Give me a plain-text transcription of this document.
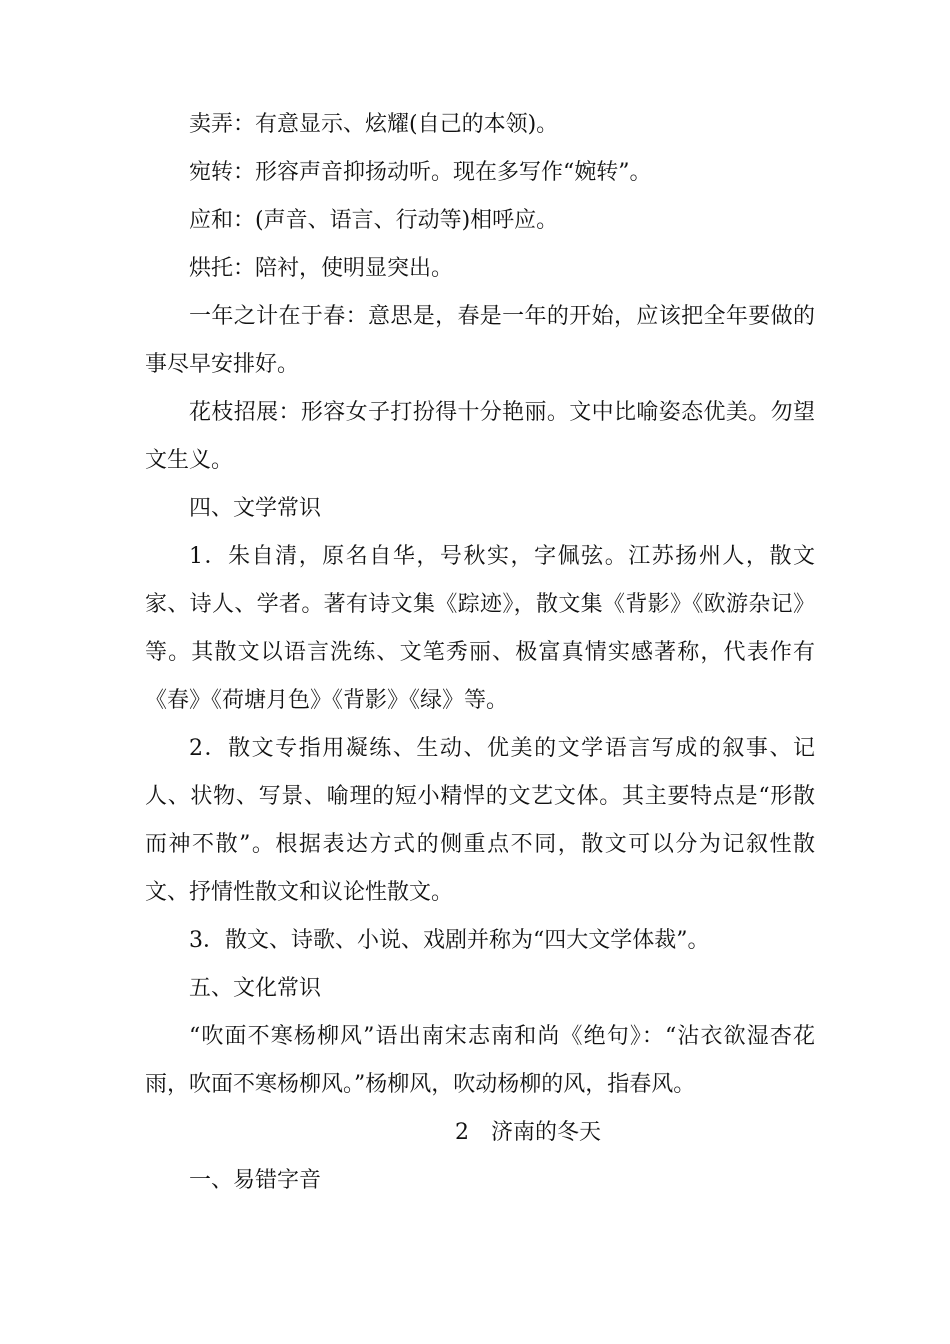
卖弄：有意显示、炫耀(自己的本领)。

宛转：形容声音抑扬动听。现在多写作“婉转”。

应和：(声音、语言、行动等)相呼应。

烘托：陪衬，使明显突出。

一年之计在于春：意思是，春是一年的开始，应该把全年要做的事尽早安排好。

花枝招展：形容女子打扮得十分艳丽。文中比喻姿态优美。勿望文生义。

四、文学常识

1．朱自清，原名自华，号秋实，字佩弦。江苏扬州人，散文家、诗人、学者。著有诗文集《踪迹》，散文集《背影》《欧游杂记》等。其散文以语言洗练、文笔秀丽、极富真情实感著称，代表作有《春》《荷塘月色》《背影》《绿》等。

2．散文专指用凝练、生动、优美的文学语言写成的叙事、记人、状物、写景、喻理的短小精悍的文艺文体。其主要特点是“形散而神不散”。根据表达方式的侧重点不同，散文可以分为记叙性散文、抒情性散文和议论性散文。

3．散文、诗歌、小说、戏剧并称为“四大文学体裁”。

五、文化常识

“吹面不寒杨柳风”语出南宋志南和尚《绝句》：“沾衣欲湿杏花雨，吹面不寒杨柳风。”杨柳风，吹动杨柳的风，指春风。

2　济南的冬天

一、易错字音
